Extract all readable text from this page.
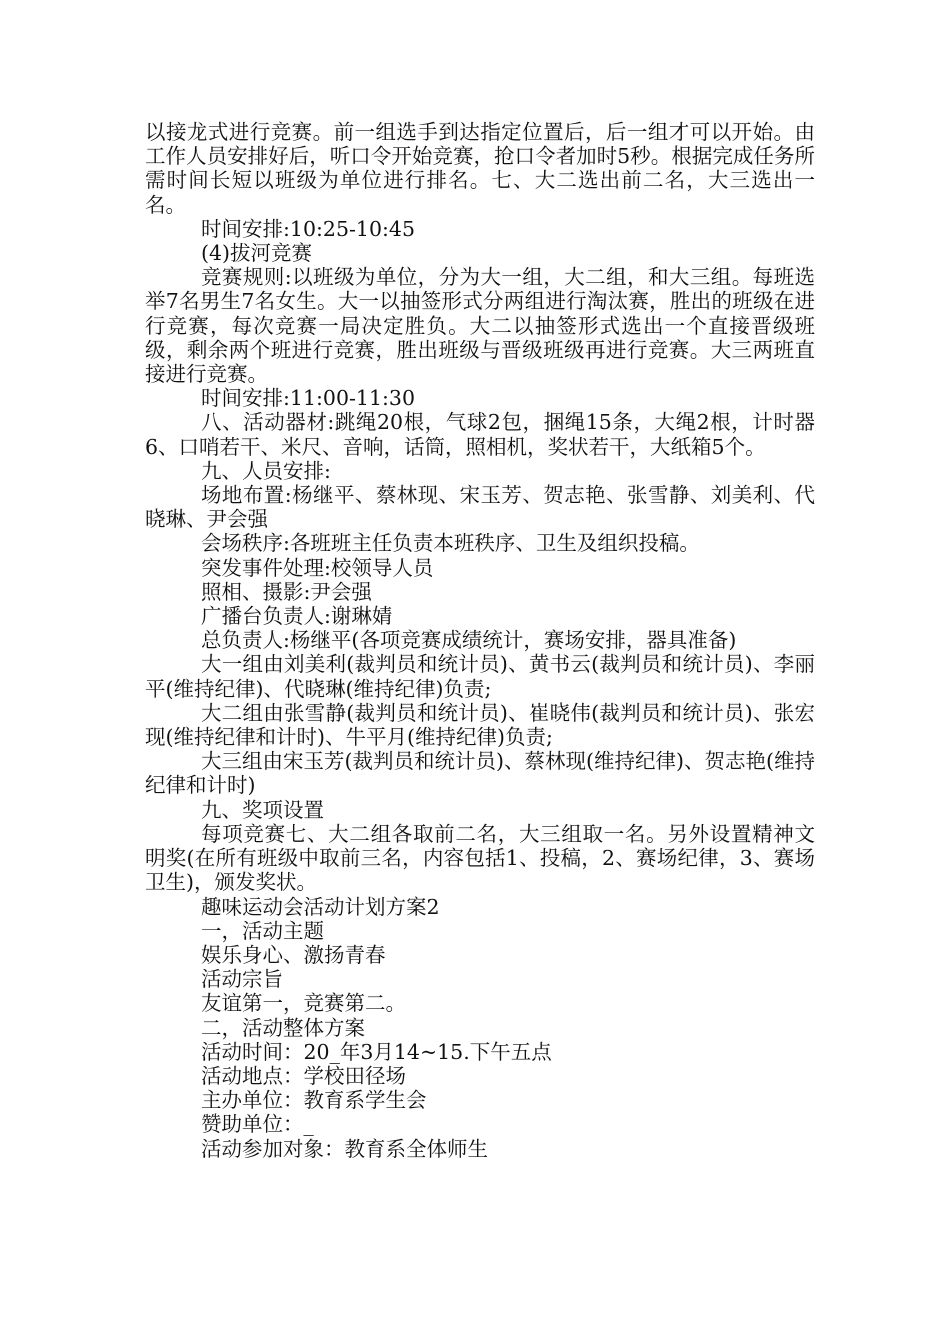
以接龙式进行竞赛。前一组选手到达指定位置后，后一组才可以开始。由工作人员安排好后，听口令开始竞赛，抢口令者加时5秒。根据完成任务所需时间长短以班级为单位进行排名。七、大二选出前二名，大三选出一名。

时间安排:10:25-10:45

(4)拔河竞赛

竞赛规则:以班级为单位，分为大一组，大二组，和大三组。每班选举7名男生7名女生。大一以抽签形式分两组进行淘汰赛，胜出的班级在进行竞赛，每次竞赛一局决定胜负。大二以抽签形式选出一个直接晋级班级，剩余两个班进行竞赛，胜出班级与晋级班级再进行竞赛。大三两班直接进行竞赛。

时间安排:11:00-11:30

八、活动器材:跳绳20根，气球2包，捆绳15条，大绳2根，计时器6、口哨若干、米尺、音响，话筒，照相机，奖状若干，大纸箱5个。

九、人员安排:

场地布置:杨继平、蔡林现、宋玉芳、贺志艳、张雪静、刘美利、代晓琳、尹会强

会场秩序:各班班主任负责本班秩序、卫生及组织投稿。

突发事件处理:校领导人员

照相、摄影:尹会强

广播台负责人:谢琳婧

总负责人:杨继平(各项竞赛成绩统计，赛场安排，器具准备)

大一组由刘美利(裁判员和统计员)、黄书云(裁判员和统计员)、李丽平(维持纪律)、代晓琳(维持纪律)负责;

大二组由张雪静(裁判员和统计员)、崔晓伟(裁判员和统计员)、张宏现(维持纪律和计时)、牛平月(维持纪律)负责;

大三组由宋玉芳(裁判员和统计员)、蔡林现(维持纪律)、贺志艳(维持纪律和计时)

九、奖项设置

每项竞赛七、大二组各取前二名，大三组取一名。另外设置精神文明奖(在所有班级中取前三名，内容包括1、投稿，2、赛场纪律，3、赛场卫生)，颁发奖状。

趣味运动会活动计划方案2

一，活动主题

娱乐身心、激扬青春

活动宗旨

友谊第一，竞赛第二。

二，活动整体方案

活动时间：20_年3月14~15.下午五点

活动地点：学校田径场

主办单位：教育系学生会

赞助单位：_

活动参加对象：教育系全体师生
